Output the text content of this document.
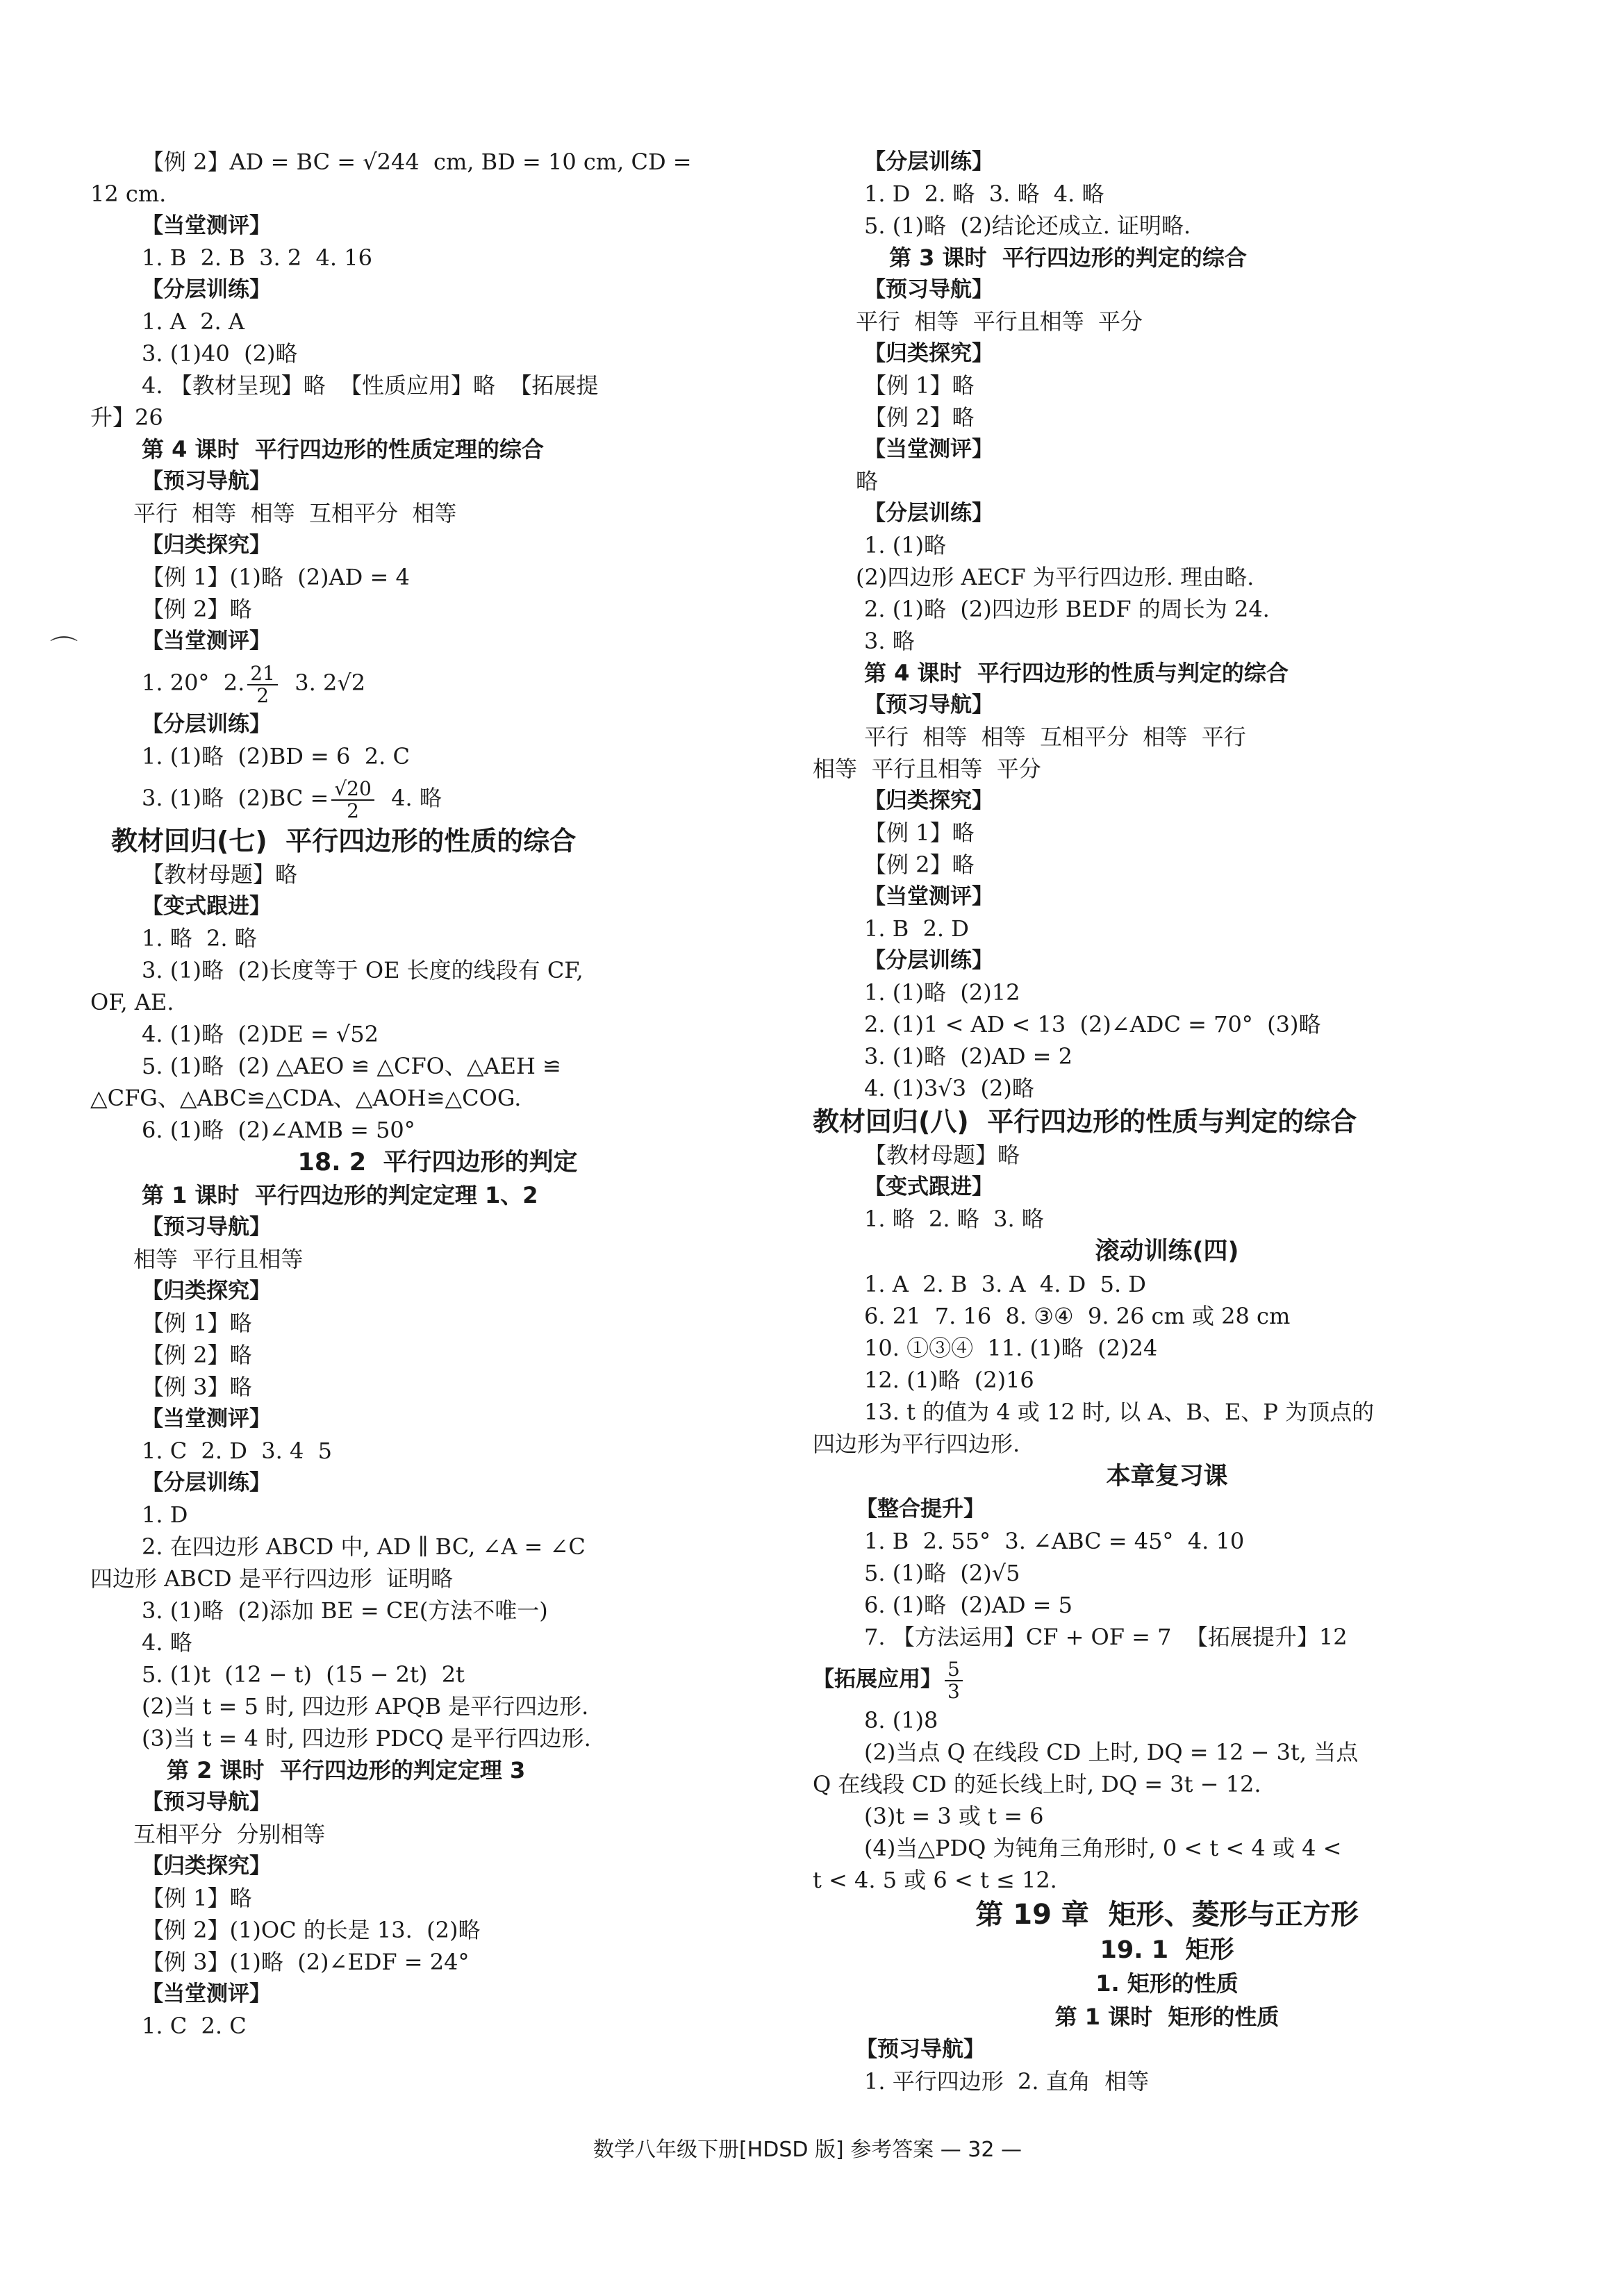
【例 2】AD = BC = √244  cm, BD = 10 cm, CD =
12 cm.
【当堂测评】
1. B  2. B  3. 2  4. 16
【分层训练】
1. A  2. A
3. (1)40  (2)略
4. 【教材呈现】略  【性质应用】略  【拓展提
升】26
第 4 课时  平行四边形的性质定理的综合
【预习导航】
平行  相等  相等  互相平分  相等
【归类探究】
【例 1】(1)略  (2)AD = 4
【例 2】略
【当堂测评】
1. 20°  2. $\frac{21}{2} 3$. 2√2
【分层训练】
1. (1)略  (2)BD = 6  2. C
3. (1)略  $(2)BC = \frac{√20}{2} 4$. 略
教材回归(七)  平行四边形的性质的综合
【教材母题】略
【变式跟进】
1. 略  2. 略
3. (1)略  (2)长度等于 OE 长度的线段有 CF,
OF, AE.
4. (1)略  (2)DE = √52
5. (1)略  (2) △AEO ≌ △CFO、△AEH ≌
△CFG、△ABC≌△CDA、△AOH≌△COG.
6. (1)略  (2)∠AMB = 50°
18. 2  平行四边形的判定
第 1 课时  平行四边形的判定定理 1、2
【预习导航】
相等  平行且相等
【归类探究】
【例 1】略
【例 2】略
【例 3】略
【当堂测评】
1. C  2. D  3. 4  5
【分层训练】
1. D
2. 在四边形 ABCD 中, AD ∥ BC, ∠A = ∠C
四边形 ABCD 是平行四边形  证明略
3. (1)略  (2)添加 BE = CE(方法不唯一)
4. 略
5. (1)t  (12 − t)  (15 − 2t)  2t
(2)当 t = 5 时, 四边形 APQB 是平行四边形.
(3)当 t = 4 时, 四边形 PDCQ 是平行四边形.
第 2 课时  平行四边形的判定定理 3
【预习导航】
互相平分  分别相等
【归类探究】
【例 1】略
【例 2】(1)OC 的长是 13.  (2)略
【例 3】(1)略  (2)∠EDF = 24°
【当堂测评】
1. C  2. C
【分层训练】
1. D  2. 略  3. 略  4. 略
5. (1)略  (2)结论还成立. 证明略.
第 3 课时  平行四边形的判定的综合
【预习导航】
平行  相等  平行且相等  平分
【归类探究】
【例 1】略
【例 2】略
【当堂测评】
略
【分层训练】
1. (1)略
(2)四边形 AECF 为平行四边形. 理由略.
2. (1)略  (2)四边形 BEDF 的周长为 24.
3. 略
第 4 课时  平行四边形的性质与判定的综合
【预习导航】
平行  相等  相等  互相平分  相等  平行
相等  平行且相等  平分
【归类探究】
【例 1】略
【例 2】略
【当堂测评】
1. B  2. D
【分层训练】
1. (1)略  (2)12
2. (1)1 < AD < 13  (2)∠ADC = 70°  (3)略
3. (1)略  (2)AD = 2
4. (1)3√3  (2)略
教材回归(八)  平行四边形的性质与判定的综合
【教材母题】略
【变式跟进】
1. 略  2. 略  3. 略
滚动训练(四)
1. A  2. B  3. A  4. D  5. D
6. 21  7. 16  8. ③④  9. 26 cm 或 28 cm
10. ①③④  11. (1)略  (2)24
12. (1)略  (2)16
13. t 的值为 4 或 12 时, 以 A、B、E、P 为顶点的
四边形为平行四边形.
本章复习课
【整合提升】
1. B  2. 55°  3. ∠ABC = 45°  4. 10
5. (1)略  (2)√5
6. (1)略  (2)AD = 5
7. 【方法运用】CF + OF = 7  【拓展提升】12
【拓展应用】 $\frac{5}{3}$
8. (1)8
(2)当点 Q 在线段 CD 上时, DQ = 12 − 3t, 当点
Q 在线段 CD 的延长线上时, DQ = 3t − 12.
(3)t = 3 或 t = 6
(4)当△PDQ 为钝角三角形时, 0 < t < 4 或 4 <
t < 4. 5 或 6 < t ≤ 12.
第 19 章  矩形、菱形与正方形
19. 1  矩形
1. 矩形的性质
第 1 课时  矩形的性质
【预习导航】
1. 平行四边形  2. 直角  相等
⌒
数学八年级下册[HDSD 版] 参考答案 — 32 —
